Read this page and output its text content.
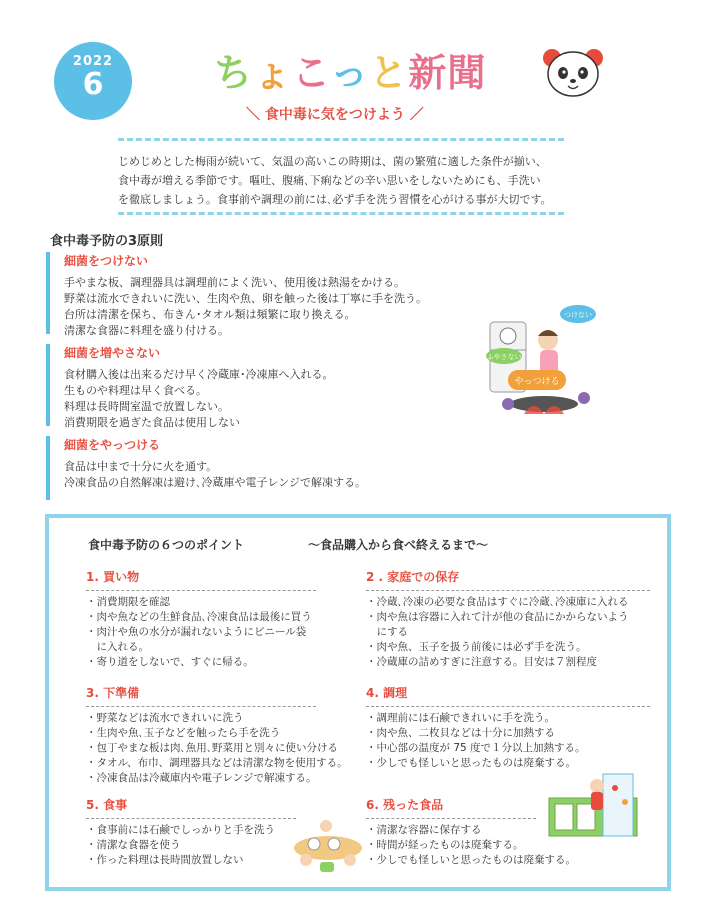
2022
6	ちょこっと新聞
＼ 食中毒に気をつけよう ／
じめじめとした梅雨が続いて、気温の高いこの時期は、菌の繁殖に適した条件が揃い、
食中毒が増える季節です。嘔吐、腹痛､下痢などの辛い思いをしないためにも、手洗い
を徹底しましょう。食事前や調理の前には､必ず手を洗う習慣を心がける事が大切です。
食中毒予防の3原則
細菌をつけない
手やまな板、調理器具は調理前によく洗い、使用後は熱湯をかける。
野菜は流水できれいに洗い、生肉や魚、卵を触った後は丁寧に手を洗う。
台所は清潔を保ち、布きん･タオル類は頻繁に取り換える。
清潔な食器に料理を盛り付ける。
細菌を増やさない
食材購入後は出来るだけ早く冷蔵庫･冷凍庫へ入れる。
生ものや料理は早く食べる。
料理は長時間室温で放置しない。
消費期限を過ぎた食品は使用しない
細菌をやっつける
食品は中まで十分に火を通す。
冷凍食品の自然解凍は避け､冷蔵庫や電子レンジで解凍する。
つけない
ふやさない
やっつける
食中毒予防の６つのポイント	～食品購入から食べ終えるまで～
1. 買い物
・消費期限を確認
・肉や魚などの生鮮食品､冷凍食品は最後に買う
・肉汁や魚の水分が漏れないようにビニール袋
　に入れる。
・寄り道をしないで、すぐに帰る。
2 . 家庭での保存
・冷蔵､冷凍の必要な食品はすぐに冷蔵､冷凍庫に入れる
・肉や魚は容器に入れて汁が他の食品にかからないよう
　にする
・肉や魚、玉子を扱う前後には必ず手を洗う。
・冷蔵庫の詰めすぎに注意する。目安は７割程度
3. 下準備
・野菜などは流水できれいに洗う
・生肉や魚､玉子などを触ったら手を洗う
・包丁やまな板は肉､魚用､野菜用と別々に使い分ける
・タオル、布巾、調理器具などは清潔な物を使用する。
・冷凍食品は冷蔵庫内や電子レンジで解凍する。
4. 調理
・調理前には石鹸できれいに手を洗う。
・肉や魚、二枚貝などは十分に加熱する
・中心部の温度が 75 度で１分以上加熱する。
・少しでも怪しいと思ったものは廃棄する。
5. 食事
・食事前には石鹸でしっかりと手を洗う
・清潔な食器を使う
・作った料理は長時間放置しない
6. 残った食品
・清潔な容器に保存する
・時間が経ったものは廃棄する。
・少しでも怪しいと思ったものは廃棄する。
